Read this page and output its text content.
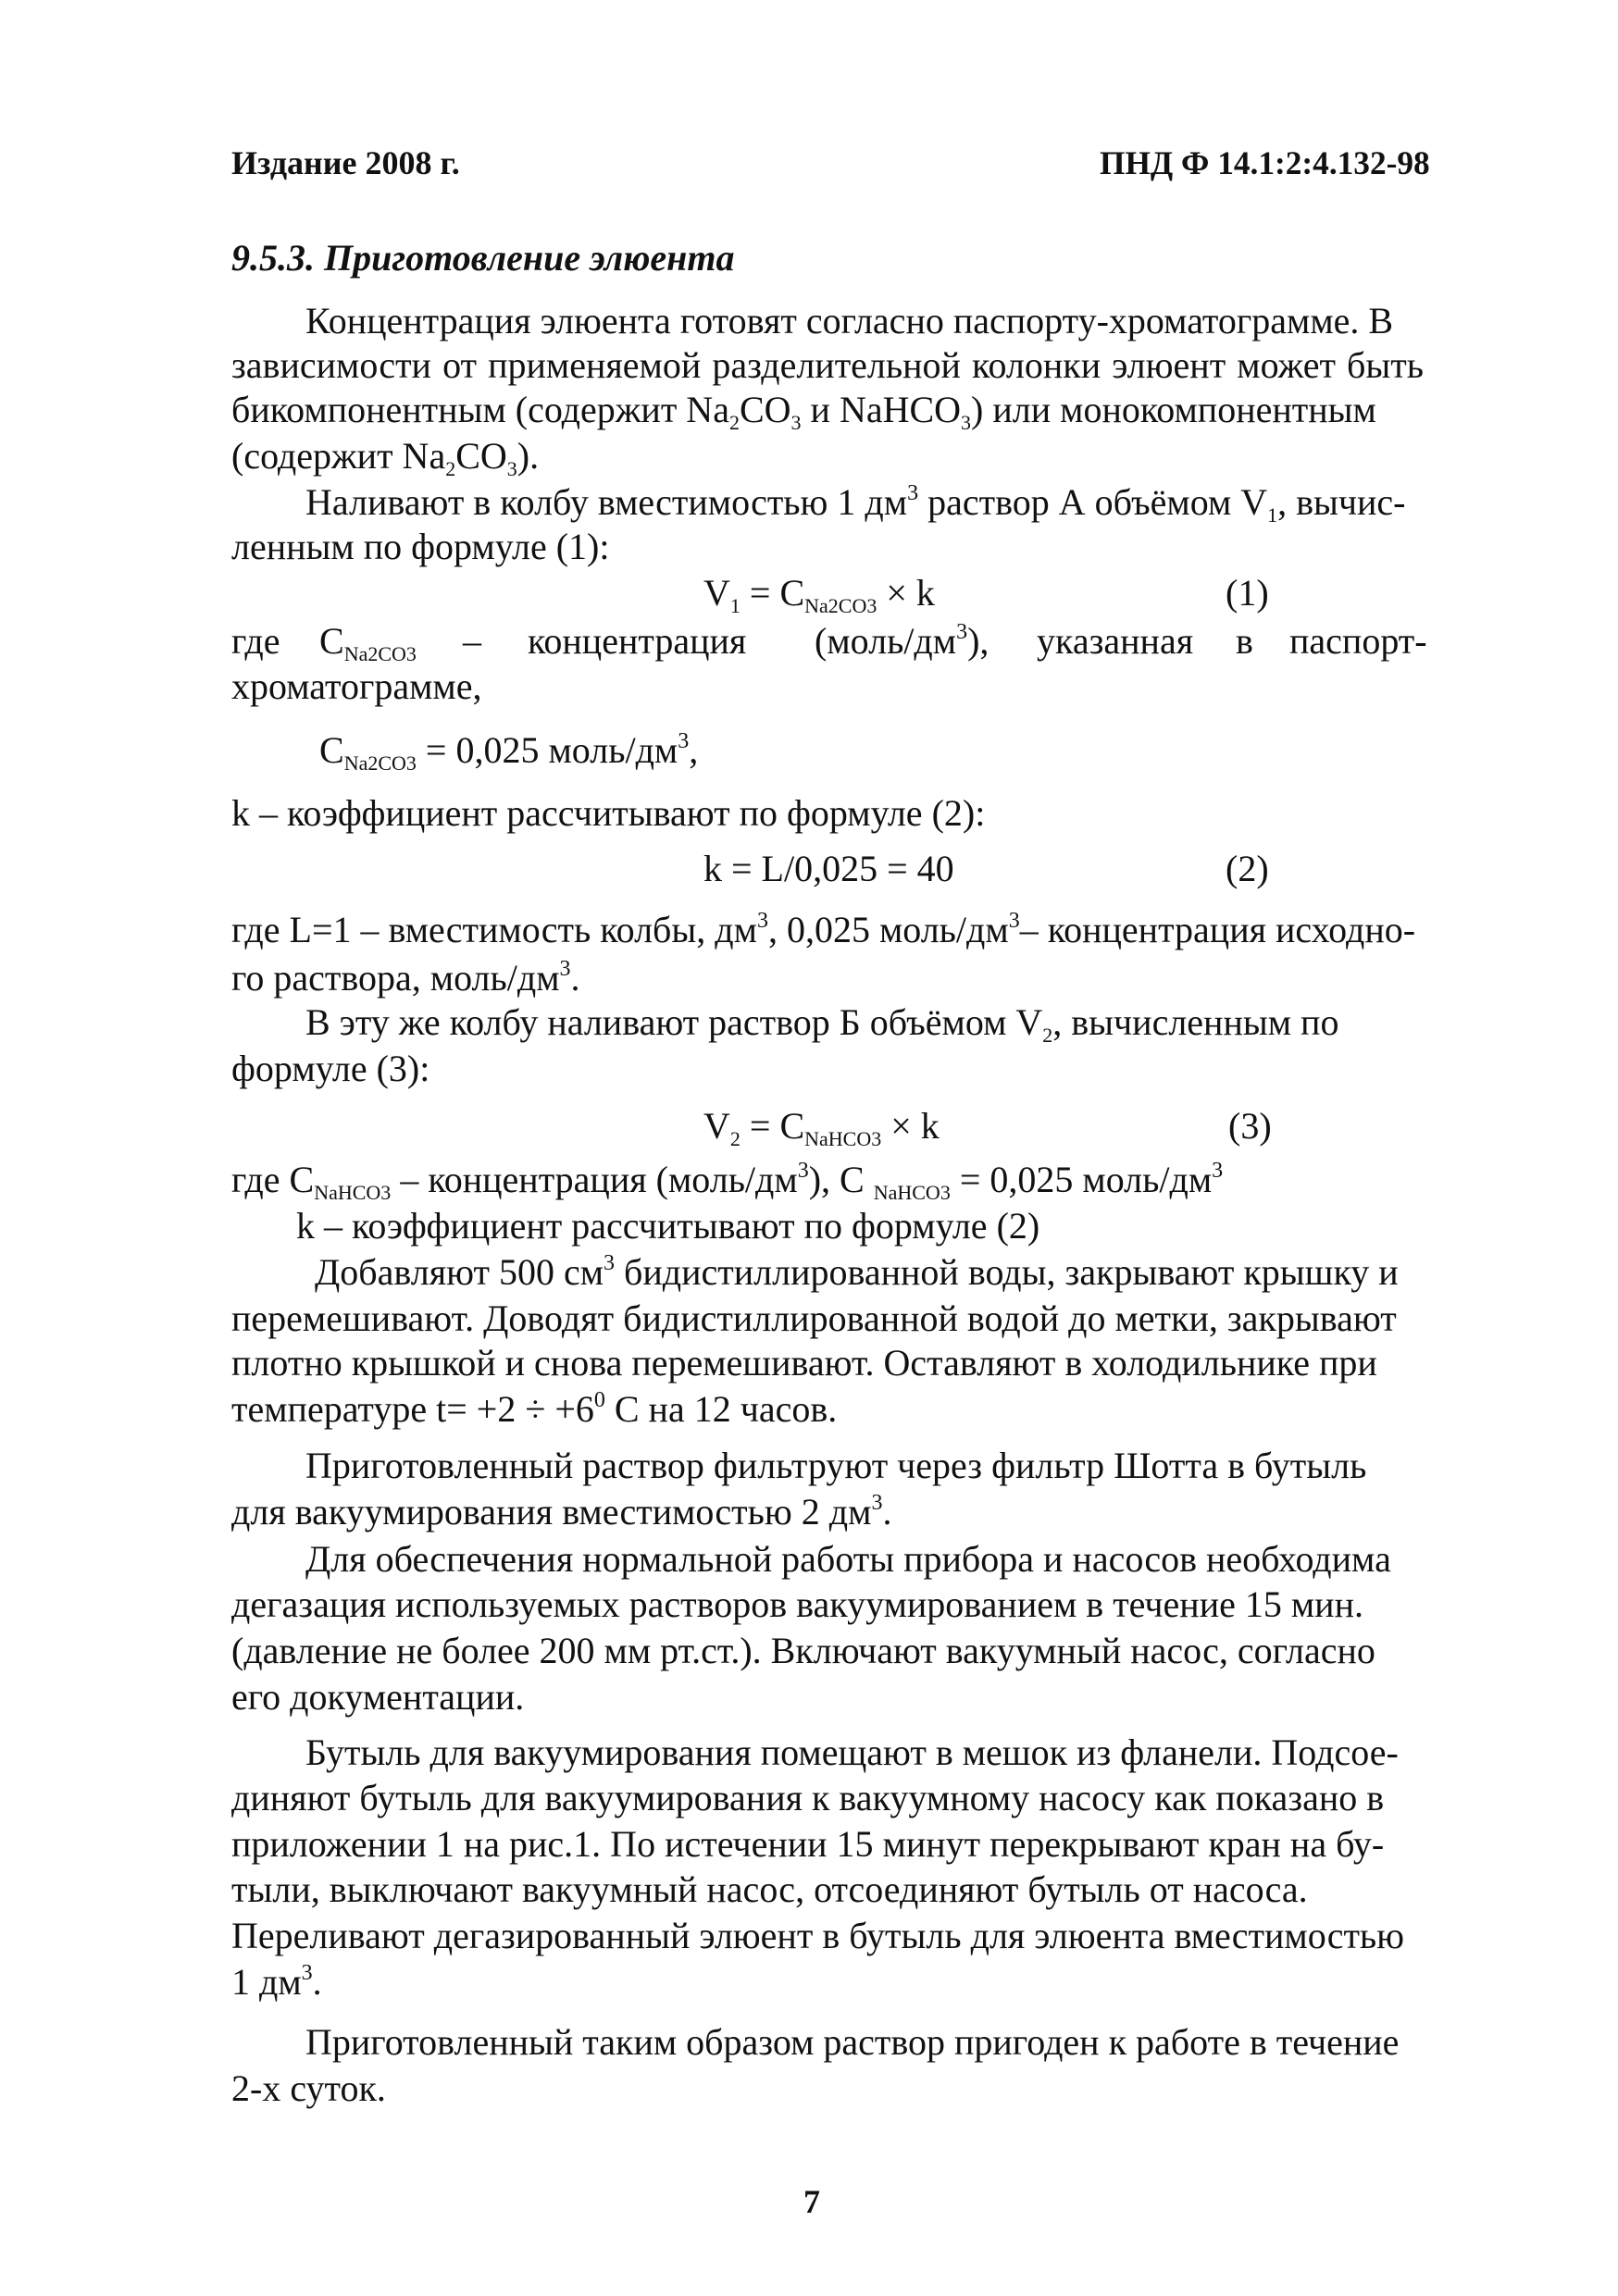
Издание 2008 г.	ПНД Ф 14.1:2:4.132-98
9.5.3. Приготовление элюента
Концентрация элюента готовят согласно паспорту-хроматограмме. В
зависимости от применяемой разделительной колонки элюент может быть
бикомпонентным (содержит $Na_2CO_3$ и NaHCO$_3$) или монокомпонентным
(содержит $Na_2CO_3$).
Наливают в колбу вместимостью 1 $дм^3$ раствор А объёмом $V_1$, вычис-
ленным по формуле (1):
$V_1 = C_{Na2CO3} \times k$	(1)
где $C_{Na2CO3}$ – концентрация $(моль/дм^3)$, указанная в паспорт-
хроматограмме,
$C_{Na2CO3} = 0,025$ моль/$дм^3$,
k – коэффициент рассчитывают по формуле (2):
k = L/0,025 = 40	(2)
где L=1 – вместимость колбы, $дм^3$, 0,025 моль/$дм^3-$ концентрация исходно-
го раствора, моль/$дм^3$.
В эту же колбу наливают раствор Б объёмом $V_2$, вычисленным по
формуле (3):
$V_2 = C_{NaHCO3} \times k$	(3)
где $C_{NaHCO3}$ – концентрация $(моль/дм^3)$, C $_{NaHCO3}$ = 0,025 моль/$дм^3$
k – коэффициент рассчитывают по формуле (2)
Добавляют 500 $см^3$ бидистиллированной воды, закрывают крышку и
перемешивают. Доводят бидистиллированной водой до метки, закрывают
плотно крышкой и снова перемешивают. Оставляют в холодильнике при
температуре $t= +2 \div +6^0$ С на 12 часов.
Приготовленный раствор фильтруют через фильтр Шотта в бутыль
для вакуумирования вместимостью 2 $дм^3$.
Для обеспечения нормальной работы прибора и насосов необходима
дегазация используемых растворов вакуумированием в течение 15 мин.
(давление не более 200 мм рт.ст.). Включают вакуумный насос, согласно
его документации.
Бутыль для вакуумирования помещают в мешок из фланели. Подсое-
диняют бутыль для вакуумирования к вакуумному насосу как показано в
приложении 1 на рис.1. По истечении 15 минут перекрывают кран на бу-
тыли, выключают вакуумный насос, отсоединяют бутыль от насоса.
Переливают дегазированный элюент в бутыль для элюента вместимостью
1 $дм^3$.
Приготовленный таким образом раствор пригоден к работе в течение
2-х суток.
7
